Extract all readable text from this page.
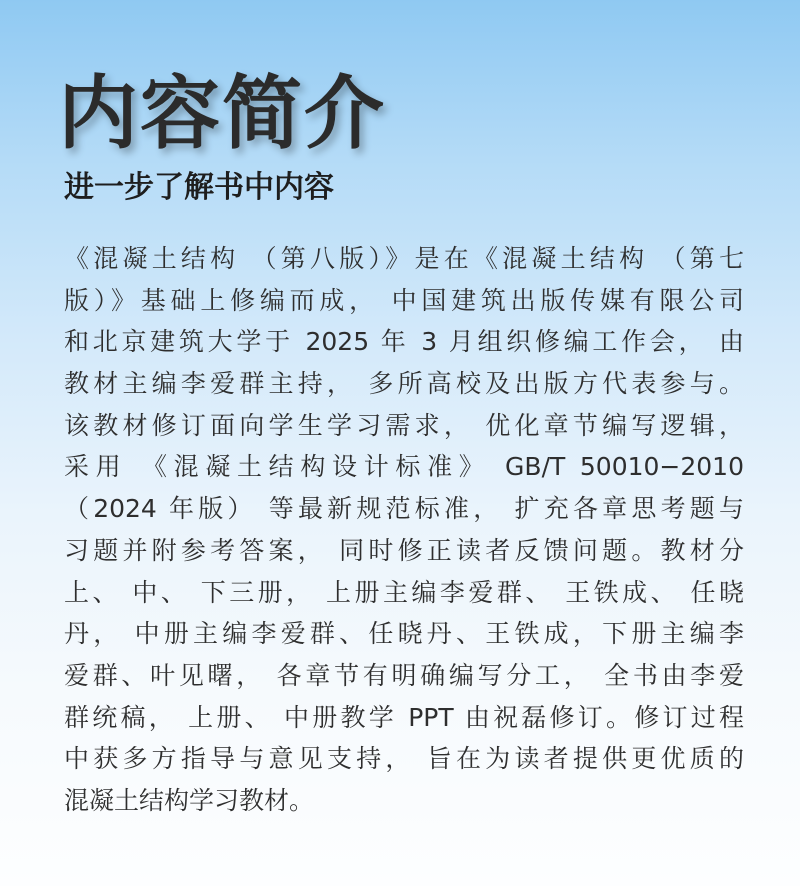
内容简介
进一步了解书中内容
《混凝土结构 （第八版）》是在《混凝土结构 （第七
版）》基础上修编而成， 中国建筑出版传媒有限公司
和北京建筑大学于 2025 年 3 月组织修编工作会， 由
教材主编李爱群主持， 多所高校及出版方代表参与。
该教材修订面向学生学习需求， 优化章节编写逻辑，
采用 《混凝土结构设计标准》 GB/T 50010−2010
（2024 年版） 等最新规范标准， 扩充各章思考题与
习题并附参考答案， 同时修正读者反馈问题。教材分
上、 中、 下三册， 上册主编李爱群、 王铁成、 任晓
丹， 中册主编李爱群、任晓丹、王铁成，下册主编李
爱群、叶见曙， 各章节有明确编写分工， 全书由李爱
群统稿， 上册、 中册教学 PPT 由祝磊修订。修订过程
中获多方指导与意见支持， 旨在为读者提供更优质的
混凝土结构学习教材。
